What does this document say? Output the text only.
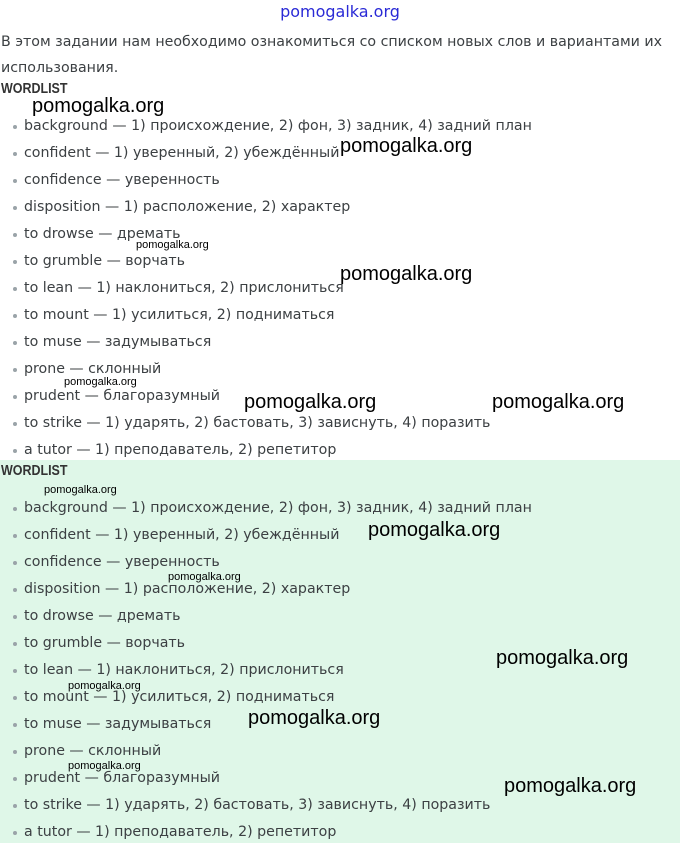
pomogalka.org

В этом задании нам необходимо ознакомиться со списком новых слов и вариантами их использования.

WORDLIST
background — 1) происхождение, 2) фон, 3) задник, 4) задний план
confident — 1) уверенный, 2) убеждённый
confidence — уверенность
disposition — 1) расположение, 2) характер
to drowse — дремать
to grumble — ворчать
to lean — 1) наклониться, 2) прислониться
to mount — 1) усилиться, 2) подниматься
to muse — задумываться
prone — склонный
prudent — благоразумный
to strike — 1) ударять, 2) бастовать, 3) зависнуть, 4) поразить
a tutor — 1) преподаватель, 2) репетитор
WORDLIST
background — 1) происхождение, 2) фон, 3) задник, 4) задний план
confident — 1) уверенный, 2) убеждённый
confidence — уверенность
disposition — 1) расположение, 2) характер
to drowse — дремать
to grumble — ворчать
to lean — 1) наклониться, 2) прислониться
to mount — 1) усилиться, 2) подниматься
to muse — задумываться
prone — склонный
prudent — благоразумный
to strike — 1) ударять, 2) бастовать, 3) зависнуть, 4) поразить
a tutor — 1) преподаватель, 2) репетитор
pomogalka.org
pomogalka.org
pomogalka.org
pomogalka.org
pomogalka.org
pomogalka.org	pomogalka.org
pomogalka.org
pomogalka.org
pomogalka.org
pomogalka.org
pomogalka.org
pomogalka.org
pomogalka.org
pomogalka.org
